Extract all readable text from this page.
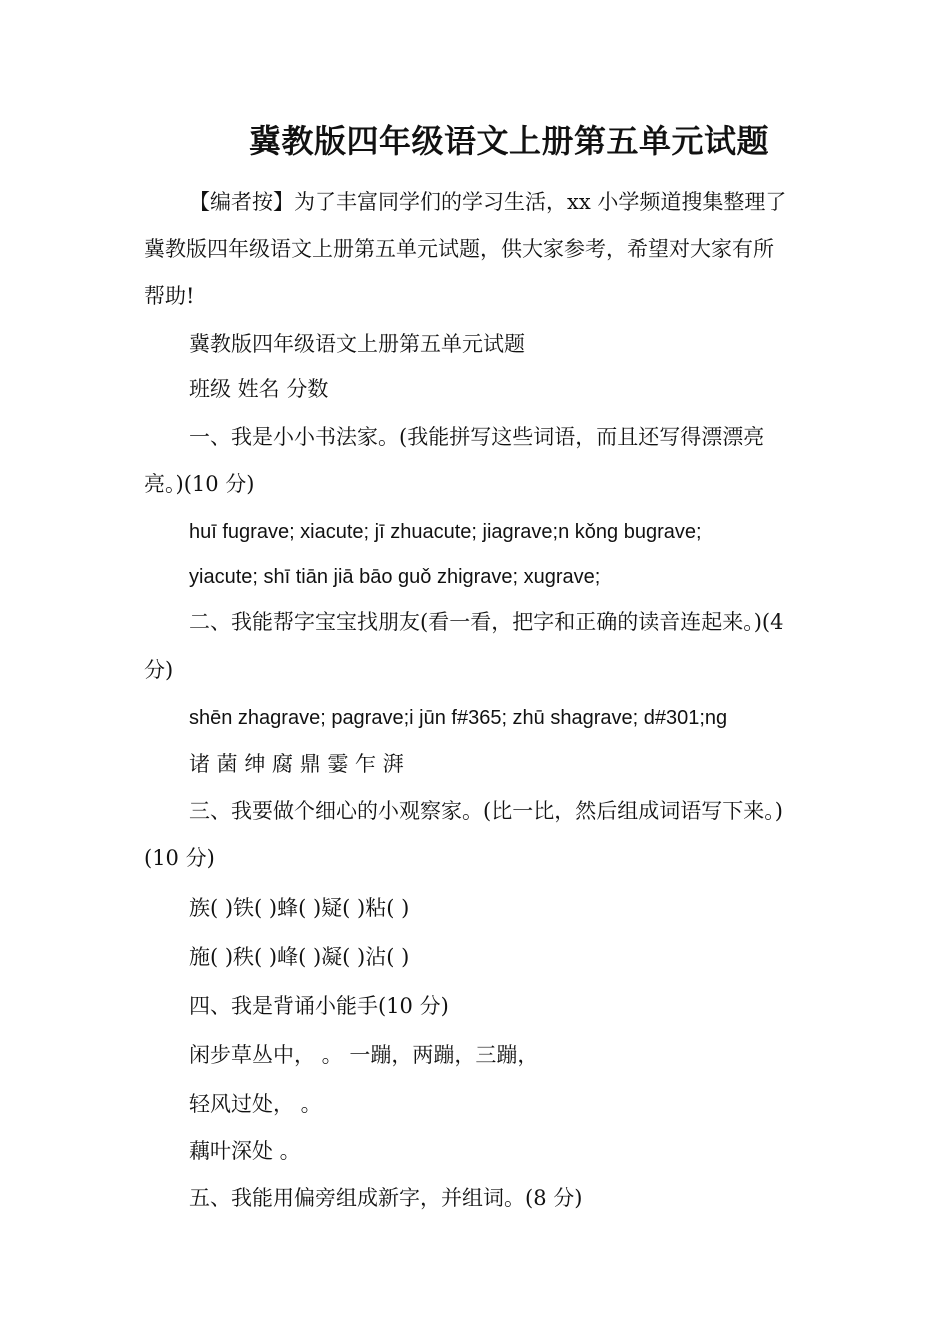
冀教版四年级语文上册第五单元试题

【编者按】为了丰富同学们的学习生活，xx 小学频道搜集整理了

冀教版四年级语文上册第五单元试题，供大家参考，希望对大家有所

帮助!

冀教版四年级语文上册第五单元试题

班级 姓名 分数

一、我是小小书法家。(我能拼写这些词语，而且还写得漂漂亮

亮。)(10 分)

huī fugrave; xiacute; jī zhuacute; jiagrave;n kǒng bugrave;

yiacute; shī tiān jiā bāo guǒ zhigrave; xugrave;

二、我能帮字宝宝找朋友(看一看，把字和正确的读音连起来。)(4

分)

shēn zhagrave; pagrave;i jūn f#365; zhū shagrave; d#301;ng

诸 菌 绅 腐 鼎 霎 乍 湃

三、我要做个细心的小观察家。(比一比，然后组成词语写下来。)

(10 分)

族( )铁( )蜂( )疑( )粘( )

施( )秩( )峰( )凝( )沾( )

四、我是背诵小能手(10 分)

闲步草丛中， 。 一蹦，两蹦，三蹦，

轻风过处， 。

藕叶深处 。

五、我能用偏旁组成新字，并组词。(8 分)
